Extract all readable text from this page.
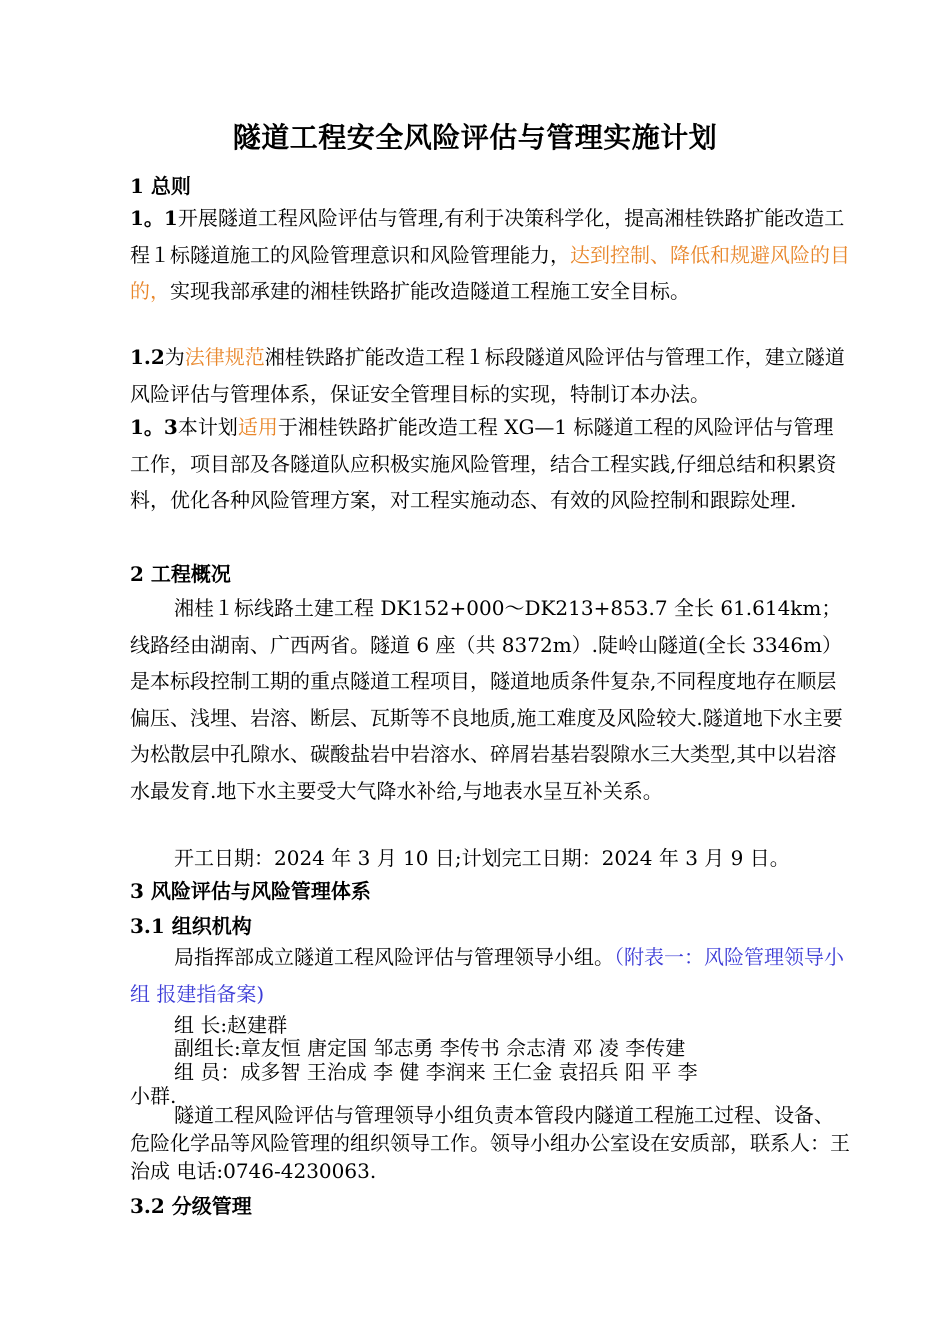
隧道工程安全风险评估与管理实施计划
1 总则
1。1开展隧道工程风险评估与管理,有利于决策科学化，提高湘桂铁路扩能改造工程１标隧道施工的风险管理意识和风险管理能力，达到控制、降低和规避风险的目的，实现我部承建的湘桂铁路扩能改造隧道工程施工安全目标。
1.2为法律规范湘桂铁路扩能改造工程１标段隧道风险评估与管理工作，建立隧道风险评估与管理体系，保证安全管理目标的实现，特制订本办法。
1。3本计划适用于湘桂铁路扩能改造工程 XG—1 标隧道工程的风险评估与管理工作，项目部及各隧道队应积极实施风险管理，结合工程实践,仔细总结和积累资料，优化各种风险管理方案，对工程实施动态、有效的风险控制和跟踪处理.
2 工程概况
湘桂１标线路土建工程 DK152+000～DK213+853.7 全长 61.614km；线路经由湖南、广西两省。隧道 6 座（共 8372m）.陡岭山隧道(全长 3346m）是本标段控制工期的重点隧道工程项目，隧道地质条件复杂,不同程度地存在顺层偏压、浅埋、岩溶、断层、瓦斯等不良地质,施工难度及风险较大.隧道地下水主要为松散层中孔隙水、碳酸盐岩中岩溶水、碎屑岩基岩裂隙水三大类型,其中以岩溶水最发育.地下水主要受大气降水补给,与地表水呈互补关系。
开工日期：2024 年 3 月 10 日;计划完工日期：2024 年 3 月 9 日。
3 风险评估与风险管理体系
3.1 组织机构
局指挥部成立隧道工程风险评估与管理领导小组。（附表一：风险管理领导小组 报建指备案)
组 长:赵建群
副组长:章友恒 唐定国 邹志勇 李传书 佘志清 邓 凌 李传建
组 员：成多智 王治成 李 健 李润来 王仁金 袁招兵 阳 平 李
小群.
隧道工程风险评估与管理领导小组负责本管段内隧道工程施工过程、设备、危险化学品等风险管理的组织领导工作。领导小组办公室设在安质部，联系人：王治成 电话:0746-4230063.
3.2 分级管理
